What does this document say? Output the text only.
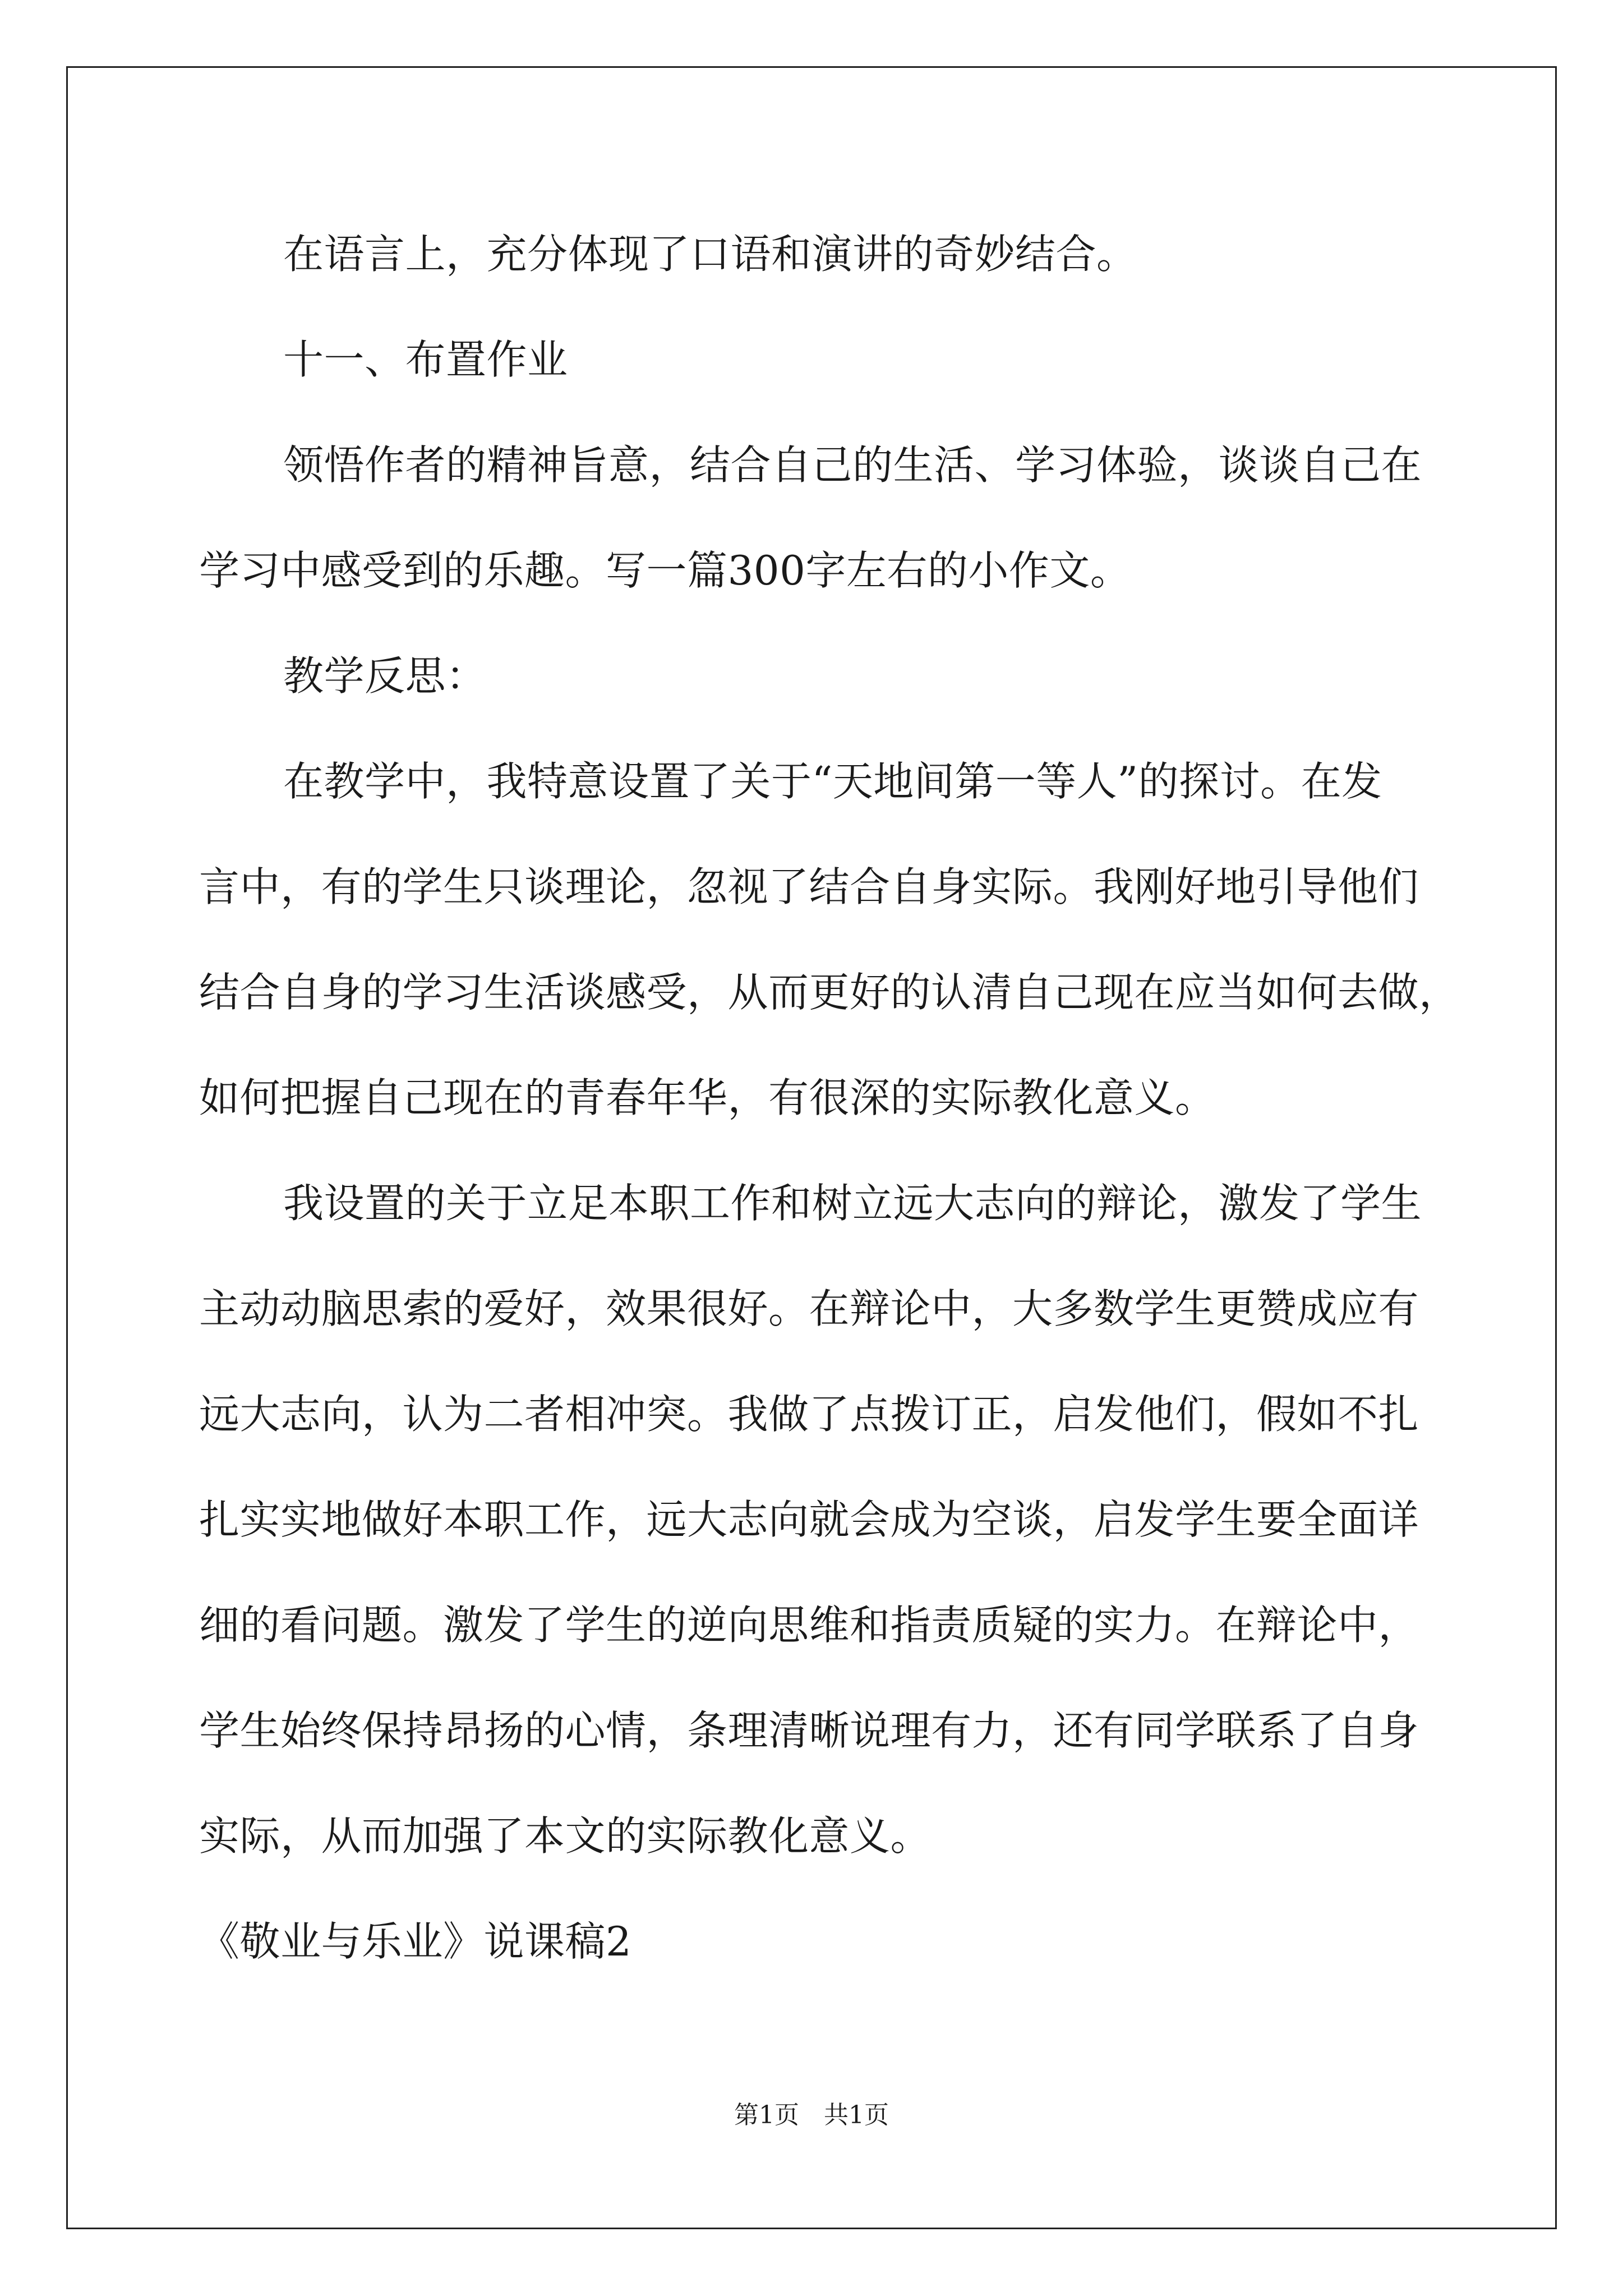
在语言上，充分体现了口语和演讲的奇妙结合。
十一、布置作业
领悟作者的精神旨意，结合自己的生活、学习体验，谈谈自己在
学习中感受到的乐趣。写一篇300字左右的小作文。
教学反思：
在教学中，我特意设置了关于“天地间第一等人”的探讨。在发
言中，有的学生只谈理论，忽视了结合自身实际。我刚好地引导他们
结合自身的学习生活谈感受，从而更好的认清自己现在应当如何去做，
如何把握自己现在的青春年华，有很深的实际教化意义。
我设置的关于立足本职工作和树立远大志向的辩论，激发了学生
主动动脑思索的爱好，效果很好。在辩论中，大多数学生更赞成应有
远大志向，认为二者相冲突。我做了点拨订正，启发他们，假如不扎
扎实实地做好本职工作，远大志向就会成为空谈，启发学生要全面详
细的看问题。激发了学生的逆向思维和指责质疑的实力。在辩论中，
学生始终保持昂扬的心情，条理清晰说理有力，还有同学联系了自身
实际，从而加强了本文的实际教化意义。
《敬业与乐业》说课稿2
第1页　共1页
